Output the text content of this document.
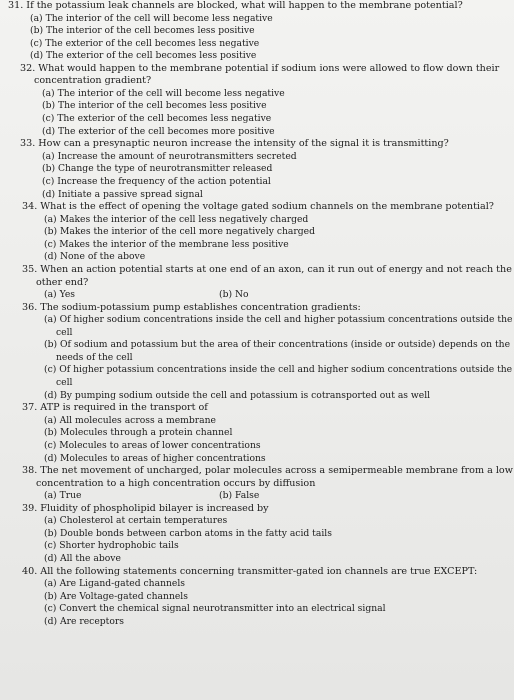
31. If the potassium leak channels are blocked, what will happen to the membrane potential?
(a) The interior of the cell will become less negative
(b) The interior of the cell becomes less positive
(c) The exterior of the cell becomes less negative
(d) The exterior of the cell becomes less positive
32. What would happen to the membrane potential if sodium ions were allowed to flow down their concentration gradient?
(a) The interior of the cell will become less negative
(b) The interior of the cell becomes less positive
(c) The exterior of the cell becomes less negative
(d) The exterior of the cell becomes more positive
33. How can a presynaptic neuron increase the intensity of the signal it is transmitting?
(a) Increase the amount of neurotransmitters secreted
(b) Change the type of neurotransmitter released
(c) Increase the frequency of the action potential
(d) Initiate a passive spread signal
34. What is the effect of opening the voltage gated sodium channels on the membrane potential?
(a) Makes the interior of the cell less negatively charged
(b) Makes the interior of the cell more negatively charged
(c) Makes the interior of the membrane less positive
(d) None of the above
35. When an action potential starts at one end of an axon, can it run out of energy and not reach the other end?
(a) Yes	(b) No
36. The sodium-potassium pump establishes concentration gradients:
(a) Of higher sodium concentrations inside the cell and higher potassium concentrations outside the cell
(b) Of sodium and potassium but the area of their concentrations (inside or outside) depends on the needs of the cell
(c) Of higher potassium concentrations inside the cell and higher sodium concentrations outside the cell
(d) By pumping sodium outside the cell and potassium is cotransported out as well
37. ATP is required in the transport of
(a) All molecules across a membrane
(b) Molecules through a protein channel
(c) Molecules to areas of lower concentrations
(d) Molecules to areas of higher concentrations
38. The net movement of uncharged, polar molecules across a semipermeable membrane from a low concentration to a high concentration occurs by diffusion
(a) True	(b) False
39. Fluidity of phospholipid bilayer is increased by
(a) Cholesterol at certain temperatures
(b) Double bonds between carbon atoms in the fatty acid tails
(c) Shorter hydrophobic tails
(d) All the above
40. All the following statements concerning transmitter-gated ion channels are true EXCEPT:
(a) Are Ligand-gated channels
(b) Are Voltage-gated channels
(c) Convert the chemical signal neurotransmitter into an electrical signal
(d) Are receptors
